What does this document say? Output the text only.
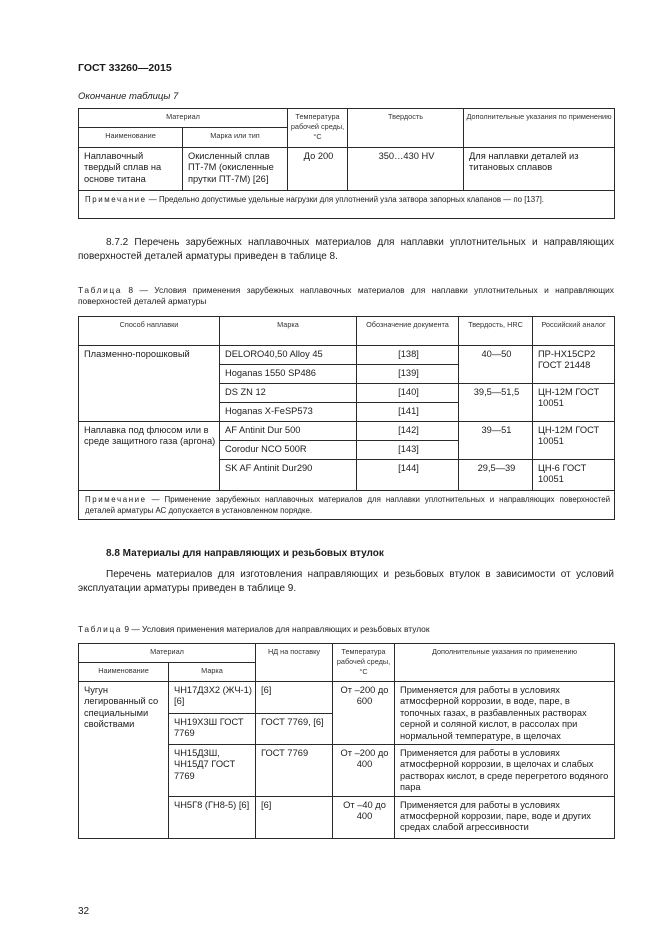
ГОСТ 33260—2015
Окончание таблицы 7
Материал		Температура рабочей среды, °С	Твердость	Дополнительные указания по применению
Наименование	Марка или тип			
Наплавочный твердый сплав на основе титана	Окисленный сплав ПТ-7М (окисленные прутки ПТ-7М) [26]	До 200	350…430 HV	Для наплавки деталей из титановых сплавов
Примечание — Предельно допустимые удельные нагрузки для уплотнений узла затвора запорных клапанов — по [137].				
8.7.2 Перечень зарубежных наплавочных материалов для наплавки уплотнительных и направляющих поверхностей деталей арматуры приведен в таблице 8.
Таблица 8 — Условия применения зарубежных наплавочных материалов для наплавки уплотнительных и направляющих поверхностей деталей арматуры
Способ наплавки	Марка	Обозначение документа	Твердость, HRC	Российский аналог
Плазменно-порошковый	DELORO40,50 Alloy 45	[138]	40—50	ПР-НХ15СР2 ГОСТ 21448
	Hoganas 1550 SP486	[139]		
	DS ZN 12	[140]	39,5—51,5	ЦН-12М ГОСТ 10051
	Hoganas X-FeSP573	[141]		
Наплавка под флюсом или в среде защитного газа (аргона)	AF Antinit Dur 500	[142]	39—51	ЦН-12М ГОСТ 10051
	Corodur NCO 500R	[143]		
	SK AF Antinit Dur290	[144]	29,5—39	ЦН-6 ГОСТ 10051
Примечание — Применение зарубежных наплавочных материалов для наплавки уплотнительных и направляющих поверхностей деталей арматуры АС допускается в установленном порядке.				
8.8 Материалы для направляющих и резьбовых втулок
Перечень материалов для изготовления направляющих и резьбовых втулок в зависимости от условий эксплуатации арматуры приведен в таблице 9.
Таблица 9 — Условия применения материалов для направляющих и резьбовых втулок
Материал		НД на поставку	Температура рабочей среды, °С	Дополнительные указания по применению
Наименование	Марка			
Чугун легированный со специальными свойствами	ЧН17Д3Х2 (ЖЧ-1) [6]	[6]	От –200 до 600	Применяется для работы в условиях атмосферной коррозии, в воде, паре, в топочных газах, в разбавленных растворах серной и соляной кислот, в рассолах при нормальной температуре, в щелочах
	ЧН19Х3Ш ГОСТ 7769	ГОСТ 7769, [6]		
	ЧН15Д3Ш, ЧН15Д7 ГОСТ 7769	ГОСТ 7769	От –200 до 400	Применяется для работы в условиях атмосферной коррозии, в щелочах и слабых растворах кислот, в среде перегретого водяного пара
	ЧН5Г8 (ГН8-5) [6]	[6]	От –40 до 400	Применяется для работы в условиях атмосферной коррозии, паре, воде и других средах слабой агрессивности
32
